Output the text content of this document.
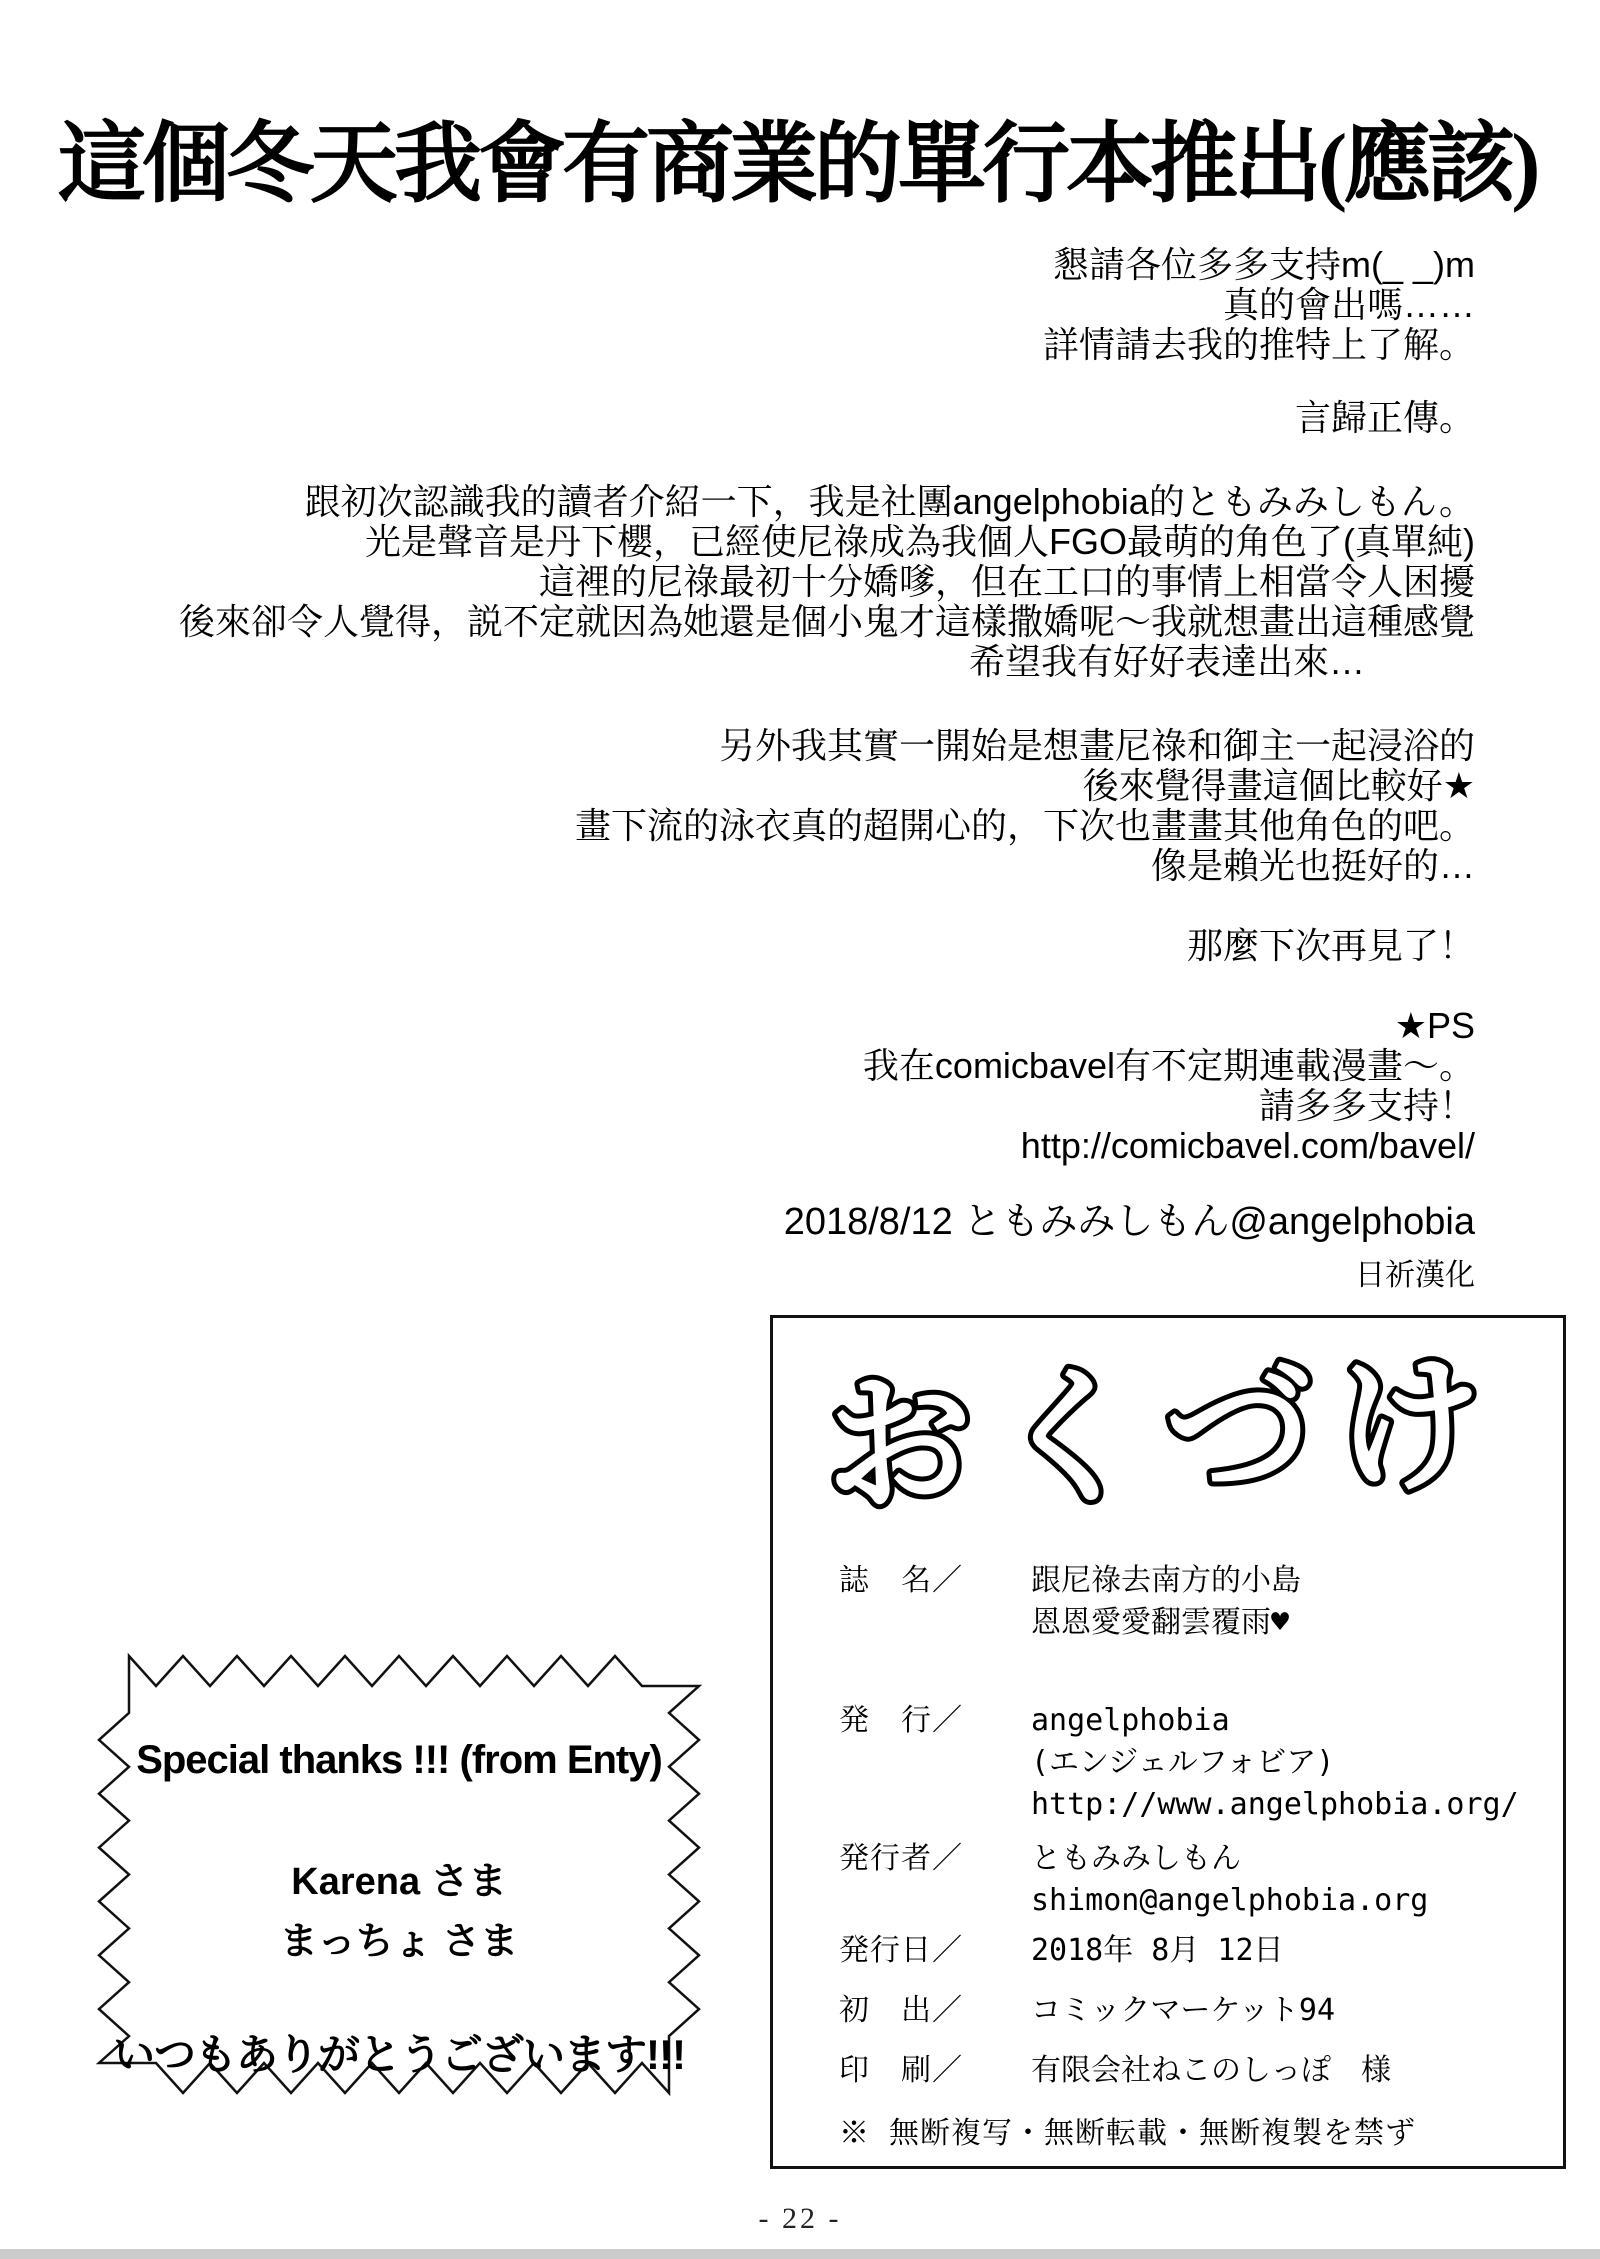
這個冬天我會有商業的單行本推出(應該)
懇請各位多多支持m(_ _)m
真的會出嗎……
詳情請去我的推特上了解。
言歸正傳。
跟初次認識我的讀者介紹一下，我是社團angelphobia的ともみみしもん。
光是聲音是丹下櫻，已經使尼祿成為我個人FGO最萌的角色了(真單純)
這裡的尼祿最初十分嬌嗲，但在工口的事情上相當令人困擾
後來卻令人覺得，説不定就因為她還是個小鬼才這樣撒嬌呢～我就想畫出這種感覺
希望我有好好表達出來…
另外我其實一開始是想畫尼祿和御主一起浸浴的
後來覺得畫這個比較好★
畫下流的泳衣真的超開心的，下次也畫畫其他角色的吧。
像是賴光也挺好的…
那麼下次再見了！
★PS
我在comicbavel有不定期連載漫畫～。
請多多支持！
http://comicbavel.com/bavel/
2018/8/12 ともみみしもん@angelphobia
日祈漢化
おくづけ
誌　名／	跟尼祿去南方的小島
恩恩愛愛翻雲覆雨♥
発　行／	angelphobia
(エンジェルフォビア)
http://www.angelphobia.org/
発行者／	ともみみしもん
shimon@angelphobia.org
発行日／	2018年 8月 12日
初　出／	コミックマーケット94
印　刷／	有限会社ねこのしっぽ　様
※ 無断複写・無断転載・無断複製を禁ず
Special thanks !!! (from Enty)
Karena さま
まっちょ さま
いつもありがとうございます!!!
- 22 -
